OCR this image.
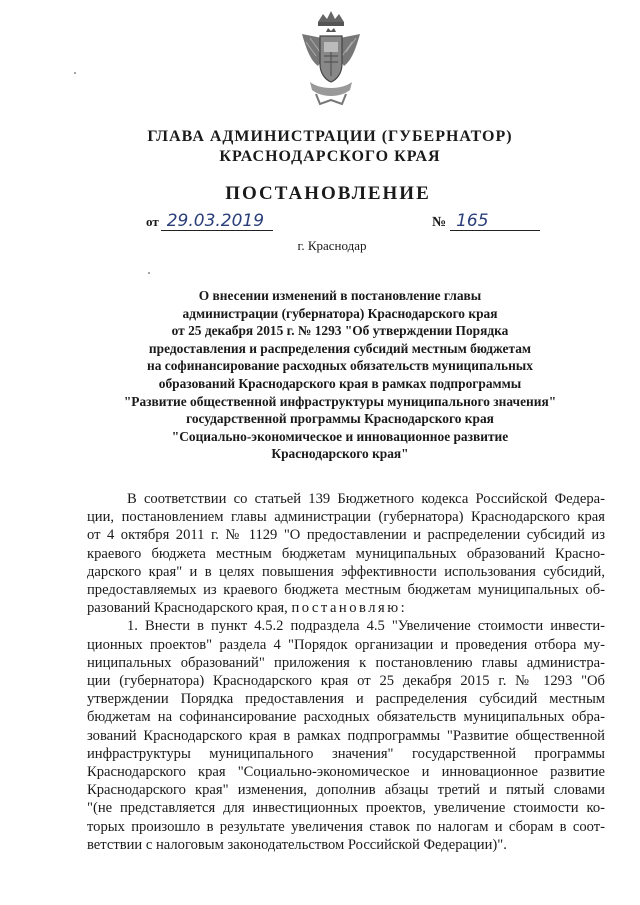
ГЛАВА АДМИНИСТРАЦИИ (ГУБЕРНАТОР)
КРАСНОДАРСКОГО КРАЯ
ПОСТАНОВЛЕНИЕ
от 29.03.2019	№ 165
г. Краснодар
О внесении изменений в постановление главы
администрации (губернатора) Краснодарского края
от 25 декабря 2015 г. № 1293 "Об утверждении Порядка
предоставления и распределения субсидий местным бюджетам
на софинансирование расходных обязательств муниципальных
образований Краснодарского края в рамках подпрограммы
"Развитие общественной инфраструктуры муниципального значения"
государственной программы Краснодарского края
"Социально-экономическое и инновационное развитие
Краснодарского края"
В соответствии со статьей 139 Бюджетного кодекса Российской Федера-
ции, постановлением главы администрации (губернатора) Краснодарского края
от 4 октября 2011 г. № 1129 "О предоставлении и распределении субсидий из
краевого бюджета местным бюджетам муниципальных образований Красно-
дарского края" и в целях повышения эффективности использования субсидий,
предоставляемых из краевого бюджета местным бюджетам муниципальных об-
разований Краснодарского края, постановляю:
1. Внести в пункт 4.5.2 подраздела 4.5 "Увеличение стоимости инвести-
ционных проектов" раздела 4 "Порядок организации и проведения отбора му-
ниципальных образований" приложения к постановлению главы администра-
ции (губернатора) Краснодарского края от 25 декабря 2015 г. № 1293 "Об
утверждении Порядка предоставления и распределения субсидий местным
бюджетам на софинансирование расходных обязательств муниципальных обра-
зований Краснодарского края в рамках подпрограммы "Развитие общественной
инфраструктуры муниципального значения" государственной программы
Краснодарского края "Социально-экономическое и инновационное развитие
Краснодарского края" изменения, дополнив абзацы третий и пятый словами
"(не представляется для инвестиционных проектов, увеличение стоимости ко-
торых произошло в результате увеличения ставок по налогам и сборам в соот-
ветствии с налоговым законодательством Российской Федерации)".
